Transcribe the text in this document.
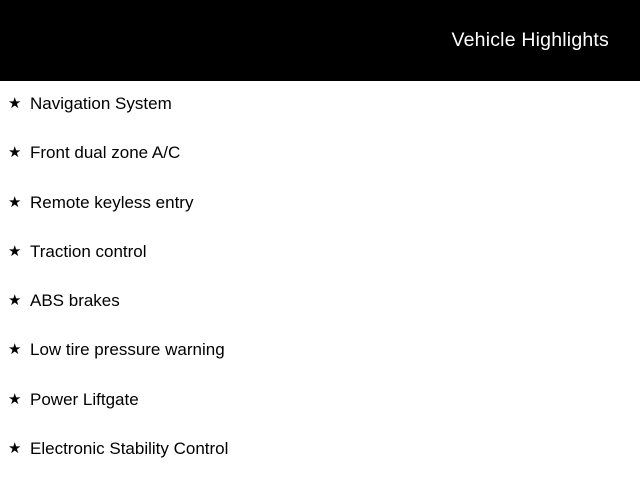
Vehicle Highlights
★ Navigation System
★ Front dual zone A/C
★ Remote keyless entry
★ Traction control
★ ABS brakes
★ Low tire pressure warning
★ Power Liftgate
★ Electronic Stability Control
